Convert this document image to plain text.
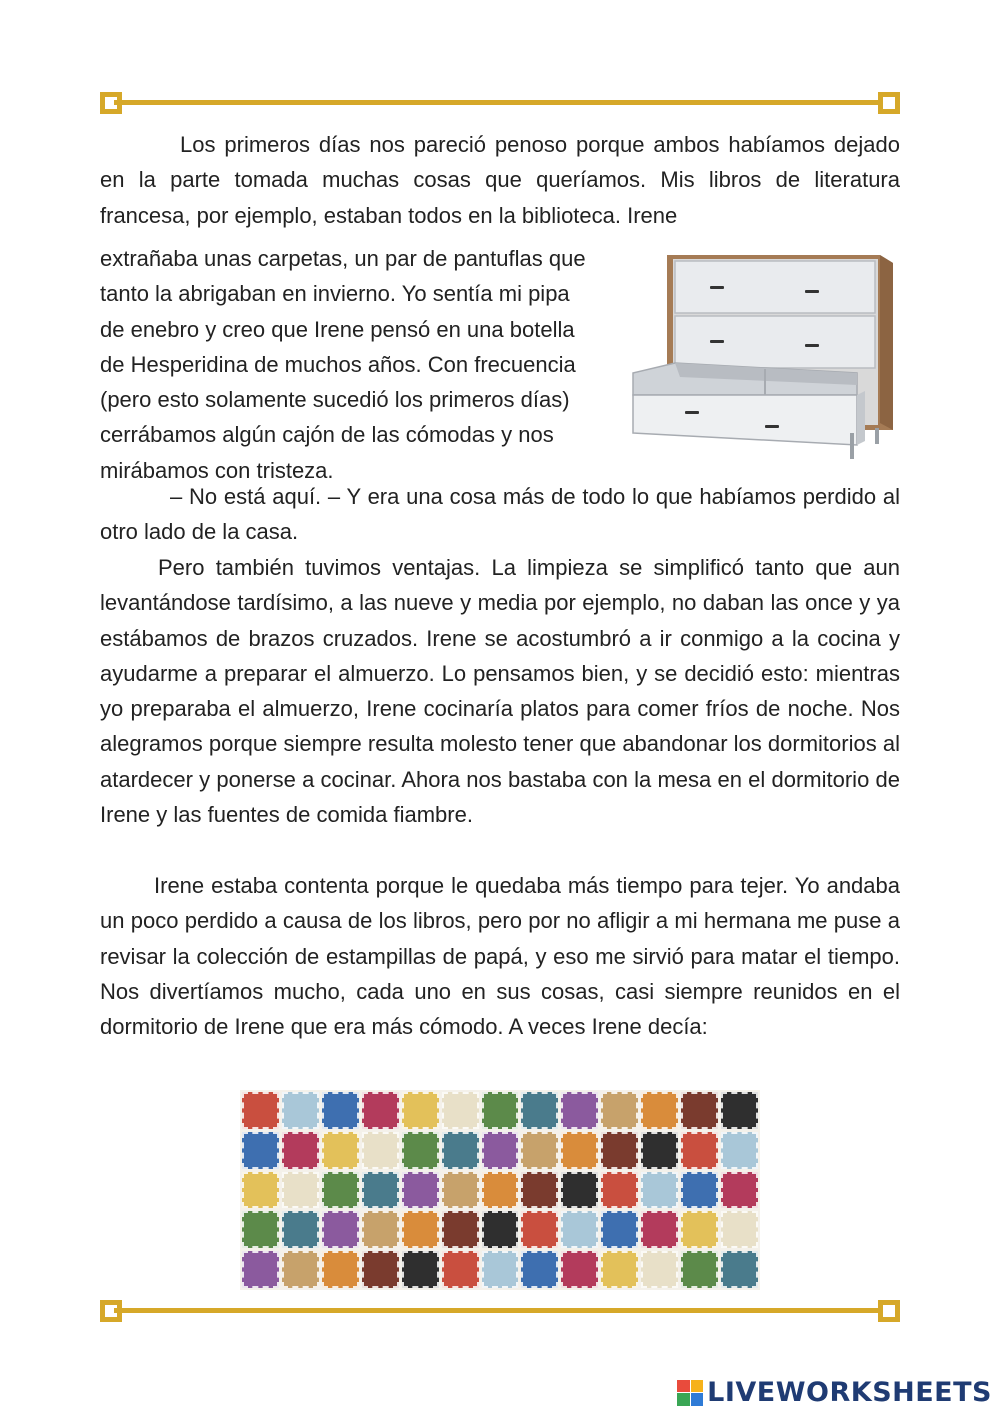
Los primeros días nos pareció penoso porque ambos habíamos dejado en la parte tomada muchas cosas que queríamos. Mis libros de literatura francesa, por ejemplo, estaban todos en la biblioteca. Irene

extrañaba unas carpetas, un par de pantuflas que

tanto la abrigaban en invierno. Yo sentía mi pipa

de enebro y creo que Irene pensó en una botella

de Hesperidina de muchos años. Con frecuencia

(pero esto solamente sucedió los primeros días)

cerrábamos algún cajón de las cómodas y nos

mirábamos con tristeza.

– No está aquí. – Y era una cosa más de todo lo que habíamos perdido al otro lado de la casa.

Pero también tuvimos ventajas. La limpieza se simplificó tanto que aun levantándose tardísimo, a las nueve y media por ejemplo, no daban las once y ya estábamos de brazos cruzados. Irene se acostumbró a ir conmigo a la cocina y ayudarme a preparar el almuerzo. Lo pensamos bien, y se decidió esto: mientras yo preparaba el almuerzo, Irene cocinaría platos para comer fríos de noche. Nos alegramos porque siempre resulta molesto tener que abandonar los dormitorios al atardecer y ponerse a cocinar. Ahora nos bastaba con la mesa en el dormitorio de Irene y las fuentes de comida fiambre.

Irene estaba contenta porque le quedaba más tiempo para tejer. Yo andaba un poco perdido a causa de los libros, pero por no afligir a mi hermana me puse a revisar la colección de estampillas de papá, y eso me sirvió para matar el tiempo. Nos divertíamos mucho, cada uno en sus cosas, casi siempre reunidos en el dormitorio de Irene que era más cómodo. A veces Irene decía:

LIVEWORKSHEETS
